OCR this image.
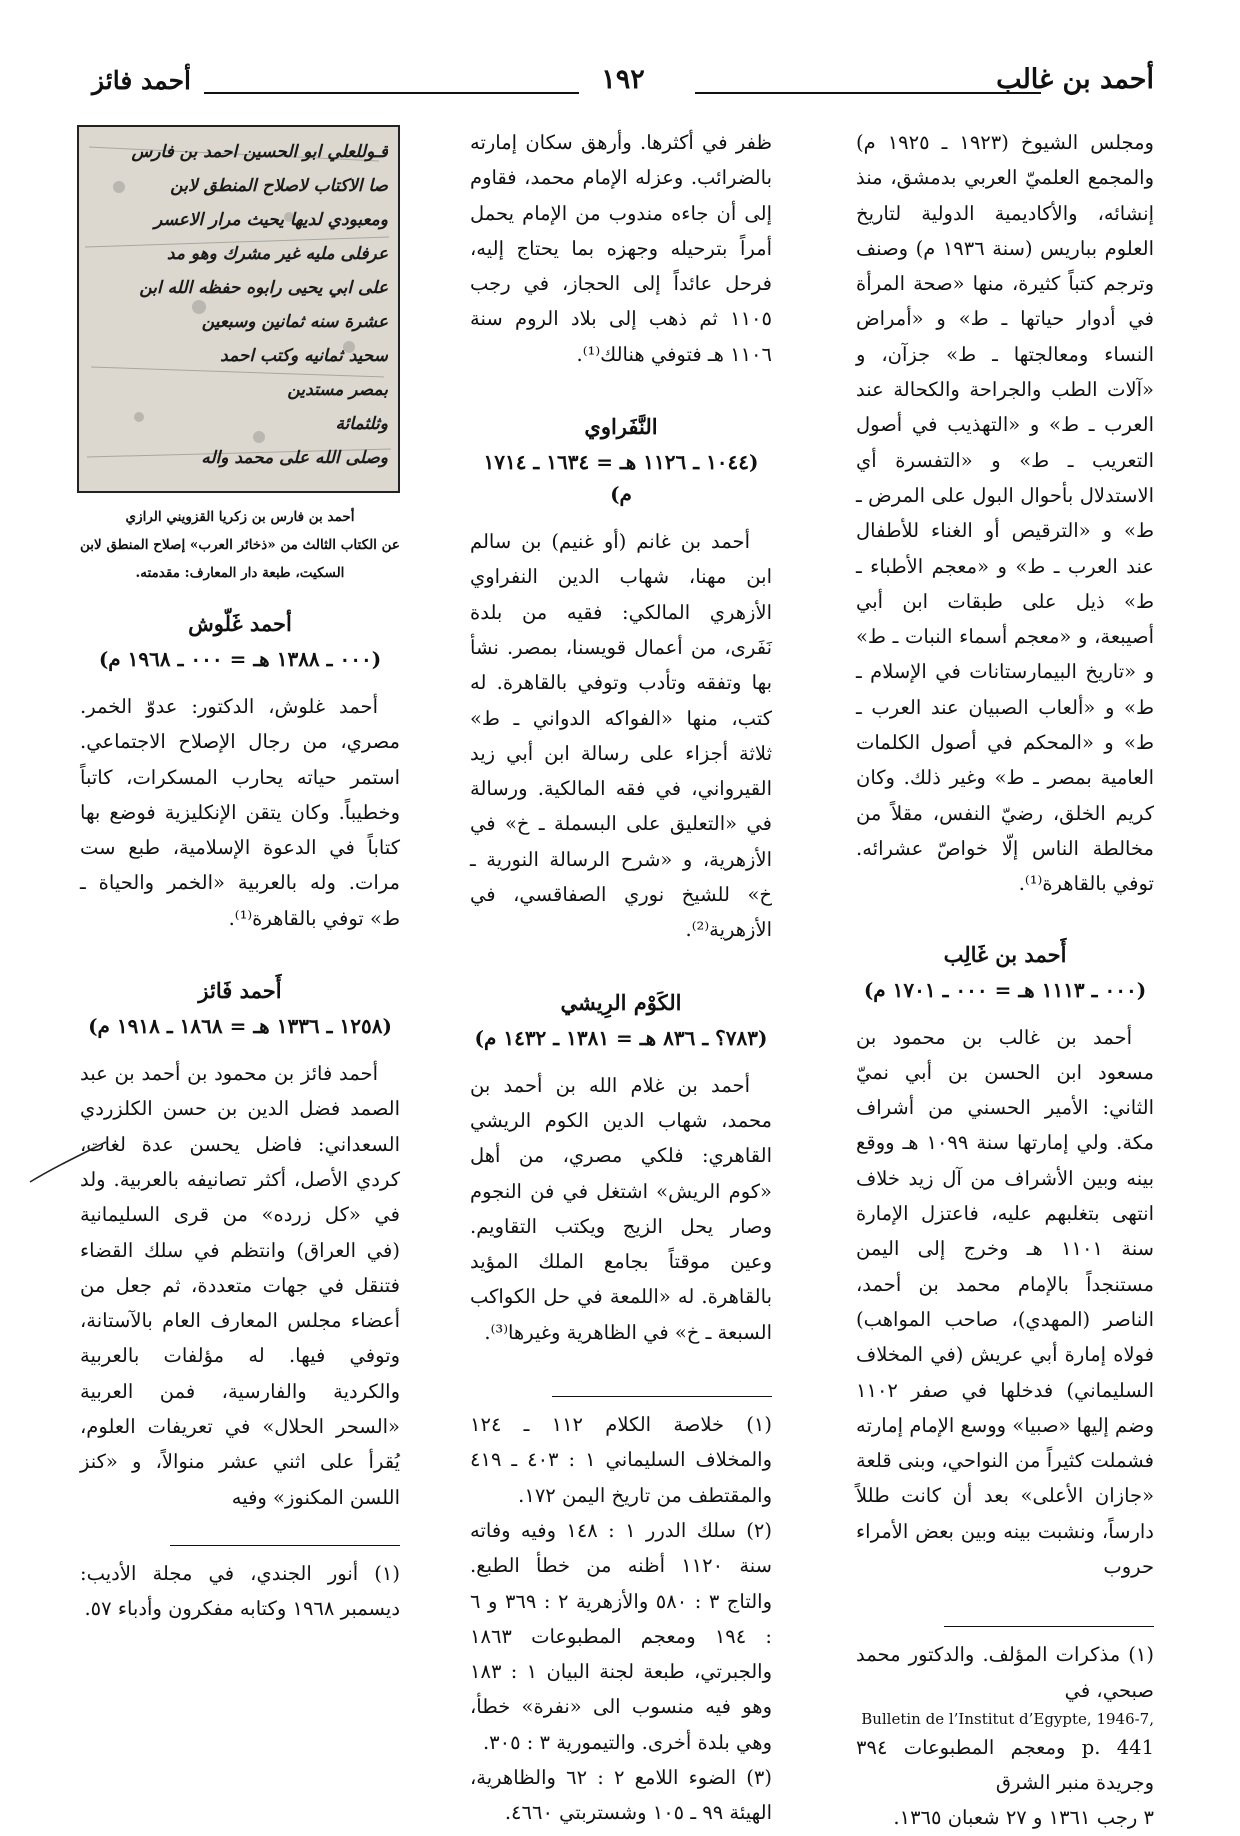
أحمد فائز	١٩٢	أحمد بن غالب

ومجلس الشيوخ (١٩٢٣ ـ ١٩٢٥ م) والمجمع العلميّ العربي بدمشق، منذ إنشائه، والأكاديمية الدولية لتاريخ العلوم بباريس (سنة ١٩٣٦ م) وصنف وترجم كتباً كثيرة، منها «صحة المرأة في أدوار حياتها ـ ط» و «أمراض النساء ومعالجتها ـ ط» جزآن، و «آلات الطب والجراحة والكحالة عند العرب ـ ط» و «التهذيب في أصول التعريب ـ ط» و «التفسرة أي الاستدلال بأحوال البول على المرض ـ ط» و «الترقيص أو الغناء للأطفال عند العرب ـ ط» و «معجم الأطباء ـ ط» ذيل على طبقات ابن أبي أصيبعة، و «معجم أسماء النبات ـ ط» و «تاريخ البيمارستانات في الإسلام ـ ط» و «ألعاب الصبيان عند العرب ـ ط» و «المحكم في أصول الكلمات العامية بمصر ـ ط» وغير ذلك. وكان كريم الخلق، رضيّ النفس، مقلاً من مخالطة الناس إلّا خواصّ عشرائه. توفي بالقاهرة⁽¹⁾.

أَحمد بن غَالِب
(٠٠٠ ـ ١١١٣ هـ = ٠٠٠ ـ ١٧٠١ م)

أحمد بن غالب بن محمود بن مسعود ابن الحسن بن أبي نميّ الثاني: الأمير الحسني من أشراف مكة. ولي إمارتها سنة ١٠٩٩ هـ ووقع بينه وبين الأشراف من آل زيد خلاف انتهى بتغلبهم عليه، فاعتزل الإمارة سنة ١١٠١ هـ وخرج إلى اليمن مستنجداً بالإمام محمد بن أحمد، الناصر (المهدي)، صاحب المواهب) فولاه إمارة أبي عريش (في المخلاف السليماني) فدخلها في صفر ١١٠٢ وضم إليها «صبيا» ووسع الإمام إمارته فشملت كثيراً من النواحي، وبنى قلعة «جازان الأعلى» بعد أن كانت طللاً دارساً، ونشبت بينه وبين بعض الأمراء حروب

(١) مذكرات المؤلف. والدكتور محمد صبحي، في

Bulletin de l’Institut d’Egypte, 1946-7,

p. 441 ومعجم المطبوعات ٣٩٤ وجريدة منبر الشرق

٣ رجب ١٣٦١ و ٢٧ شعبان ١٣٦٥.

ظفر في أكثرها. وأرهق سكان إمارته بالضرائب. وعزله الإمام محمد، فقاوم إلى أن جاءه مندوب من الإمام يحمل أمراً بترحيله وجهزه بما يحتاج إليه، فرحل عائداً إلى الحجاز، في رجب ١١٠٥ ثم ذهب إلى بلاد الروم سنة ١١٠٦ هـ فتوفي هنالك⁽¹⁾.

النَّفَراوي
(١٠٤٤ ـ ١١٢٦ هـ = ١٦٣٤ ـ ١٧١٤ م)

أحمد بن غانم (أو غنيم) بن سالم ابن مهنا، شهاب الدين النفراوي الأزهري المالكي: فقيه من بلدة نَفَرى، من أعمال قويسنا، بمصر. نشأ بها وتفقه وتأدب وتوفي بالقاهرة. له كتب، منها «الفواكه الدواني ـ ط» ثلاثة أجزاء على رسالة ابن أبي زيد القيرواني، في فقه المالكية. ورسالة في «التعليق على البسملة ـ خ» في الأزهرية، و «شرح الرسالة النورية ـ خ» للشيخ نوري الصفاقسي، في الأزهرية⁽²⁾.

الكَوْم الرِيشي
(٧٨٣؟ ـ ٨٣٦ هـ = ١٣٨١ ـ ١٤٣٢ م)

أحمد بن غلام الله بن أحمد بن محمد، شهاب الدين الكوم الريشي القاهري: فلكي مصري، من أهل «كوم الريش» اشتغل في فن النجوم وصار يحل الزيج ويكتب التقاويم. وعين موقتاً بجامع الملك المؤيد بالقاهرة. له «اللمعة في حل الكواكب السبعة ـ خ» في الظاهرية وغيرها⁽³⁾.

(١) خلاصة الكلام ١١٢ ـ ١٢٤ والمخلاف السليماني ١ : ٤٠٣ ـ ٤١٩ والمقتطف من تاريخ اليمن ١٧٢.

(٢) سلك الدرر ١ : ١٤٨ وفيه وفاته سنة ١١٢٠ أظنه من خطأ الطبع. والتاج ٣ : ٥٨٠ والأزهرية ٢ : ٣٦٩ و ٦ : ١٩٤ ومعجم المطبوعات ١٨٦٣ والجبرتي، طبعة لجنة البيان ١ : ١٨٣ وهو فيه منسوب الى «نفرة» خطأ، وهي بلدة أخرى. والتيمورية ٣ : ٣٠٥.

(٣) الضوء اللامع ٢ : ٦٢ والظاهرية، الهيئة ٩٩ ـ ١٠٥ وشستربتي ٤٦٦٠.

قـوللعلي ابو الحسين احمد بن فارس
صا الاكتاب لاصلاح المنطق لابن
ومعبودي لديها يحيث مرار الاعسر
عرفلى مليه غير مشرك وهو مد
على ابي يحيى رابوه حفظه الله ابن
عشرة سنه ثمانين وسبعين
سحيد ثمانيه وكتب احمد
بمصر مستدين
وثلثمائة
وصلى الله على محمد واله
أحمد بن فارس بن زكريا القزويني الرازي
عن الكتاب الثالث من «ذخائر العرب» إصلاح المنطق لابن
السكيت، طبعة دار المعارف: مقدمته.
أحمد غَلّوش
(٠٠٠ ـ ١٣٨٨ هـ = ٠٠٠ ـ ١٩٦٨ م)

أحمد غلوش، الدكتور: عدوّ الخمر. مصري، من رجال الإصلاح الاجتماعي. استمر حياته يحارب المسكرات، كاتباً وخطيباً. وكان يتقن الإنكليزية فوضع بها كتاباً في الدعوة الإسلامية، طبع ست مرات. وله بالعربية «الخمر والحياة ـ ط» توفي بالقاهرة⁽¹⁾.

أَحمد فَائز
(١٢٥٨ ـ ١٣٣٦ هـ = ١٨٦٨ ـ ١٩١٨ م)

أحمد فائز بن محمود بن أحمد بن عبد الصمد فضل الدين بن حسن الكلزردي السعداني: فاضل يحسن عدة لغات، كردي الأصل، أكثر تصانيفه بالعربية. ولد في «كل زرده» من قرى السليمانية (في العراق) وانتظم في سلك القضاء فتنقل في جهات متعددة، ثم جعل من أعضاء مجلس المعارف العام بالآستانة، وتوفي فيها. له مؤلفات بالعربية والكردية والفارسية، فمن العربية «السحر الحلال» في تعريفات العلوم، يُقرأ على اثني عشر منوالاً، و «كنز اللسن المكنوز» وفيه

(١) أنور الجندي، في مجلة الأديب: ديسمبر ١٩٦٨ وكتابه مفكرون وأدباء ٥٧.
